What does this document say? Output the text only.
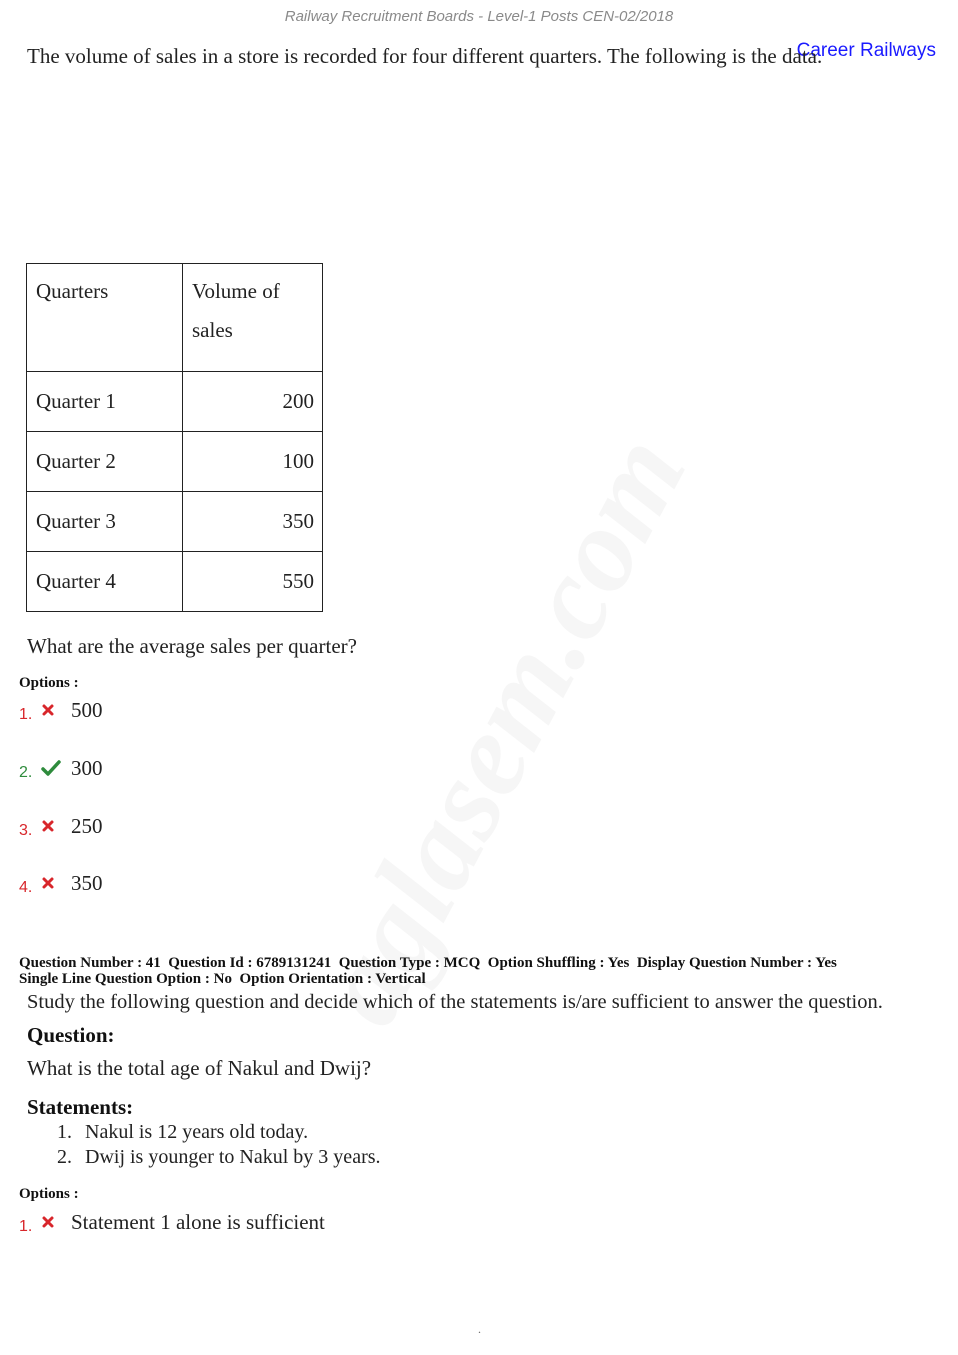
Railway Recruitment Boards - Level-1 Posts CEN-02/2018
Career Railways
The volume of sales in a store is recorded for four different quarters. The following is the data.
Quarters	Volume of sales
Quarter 1	200
Quarter 2	100
Quarter 3	350
Quarter 4	550
What are the average sales per quarter?
Options :
1.	500
2.	300
3.	250
4.	350
Question Number : 41  Question Id : 6789131241  Question Type : MCQ  Option Shuffling : Yes  Display Question Number : Yes
Single Line Question Option : No  Option Orientation : Vertical
Study the following question and decide which of the statements is/are sufficient to answer the question.
Question:
What is the total age of Nakul and Dwij?
Statements:
1. Nakul is 12 years old today.
2. Dwij is younger to Nakul by 3 years.
Options :
1.	Statement 1 alone is sufficient
.
